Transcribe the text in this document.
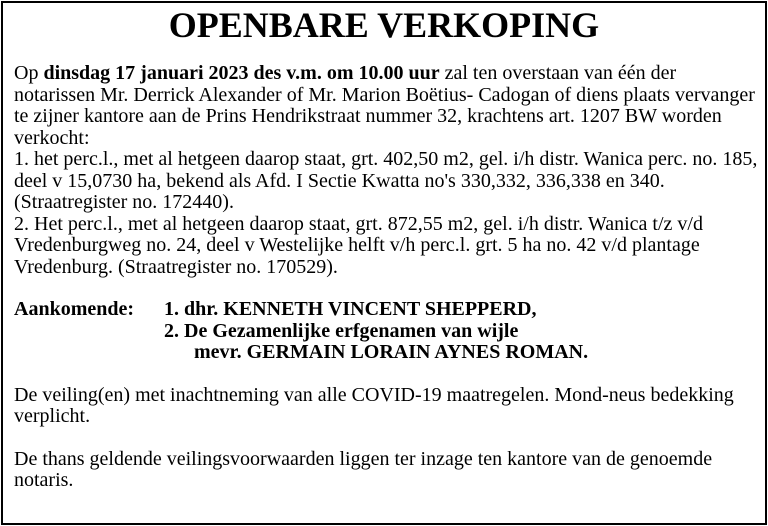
OPENBARE VERKOPING

Op dinsdag 17 januari 2023 des v.m. om 10.00 uur zal ten overstaan van één der notarissen Mr. Derrick Alexander of Mr. Marion Boëtius- Cadogan of diens plaats vervanger te zijner kantore aan de Prins Hendrikstraat nummer 32, krachtens art. 1207 BW worden verkocht:

1. het perc.l., met al hetgeen daarop staat, grt. 402,50 m2, gel. i/h distr. Wanica perc. no. 185, deel v 15,0730 ha, bekend als Afd. I Sectie Kwatta no's 330,332, 336,338 en 340. (Straatregister no. 172440).

2. Het perc.l., met al hetgeen daarop staat, grt. 872,55 m2, gel. i/h distr. Wanica t/z v/d Vredenburgweg no. 24, deel v Westelijke helft v/h perc.l. grt. 5 ha no. 42 v/d plantage Vredenburg. (Straatregister no. 170529).

Aankomende:	1. dhr. KENNETH VINCENT SHEPPERD,
2. De Gezamenlijke erfgenamen van wijle
mevr. GERMAIN LORAIN AYNES ROMAN.

De veiling(en) met inachtneming van alle COVID-19 maatregelen. Mond-neus bedekking verplicht.

De thans geldende veilingsvoorwaarden liggen ter inzage ten kantore van de genoemde notaris.
